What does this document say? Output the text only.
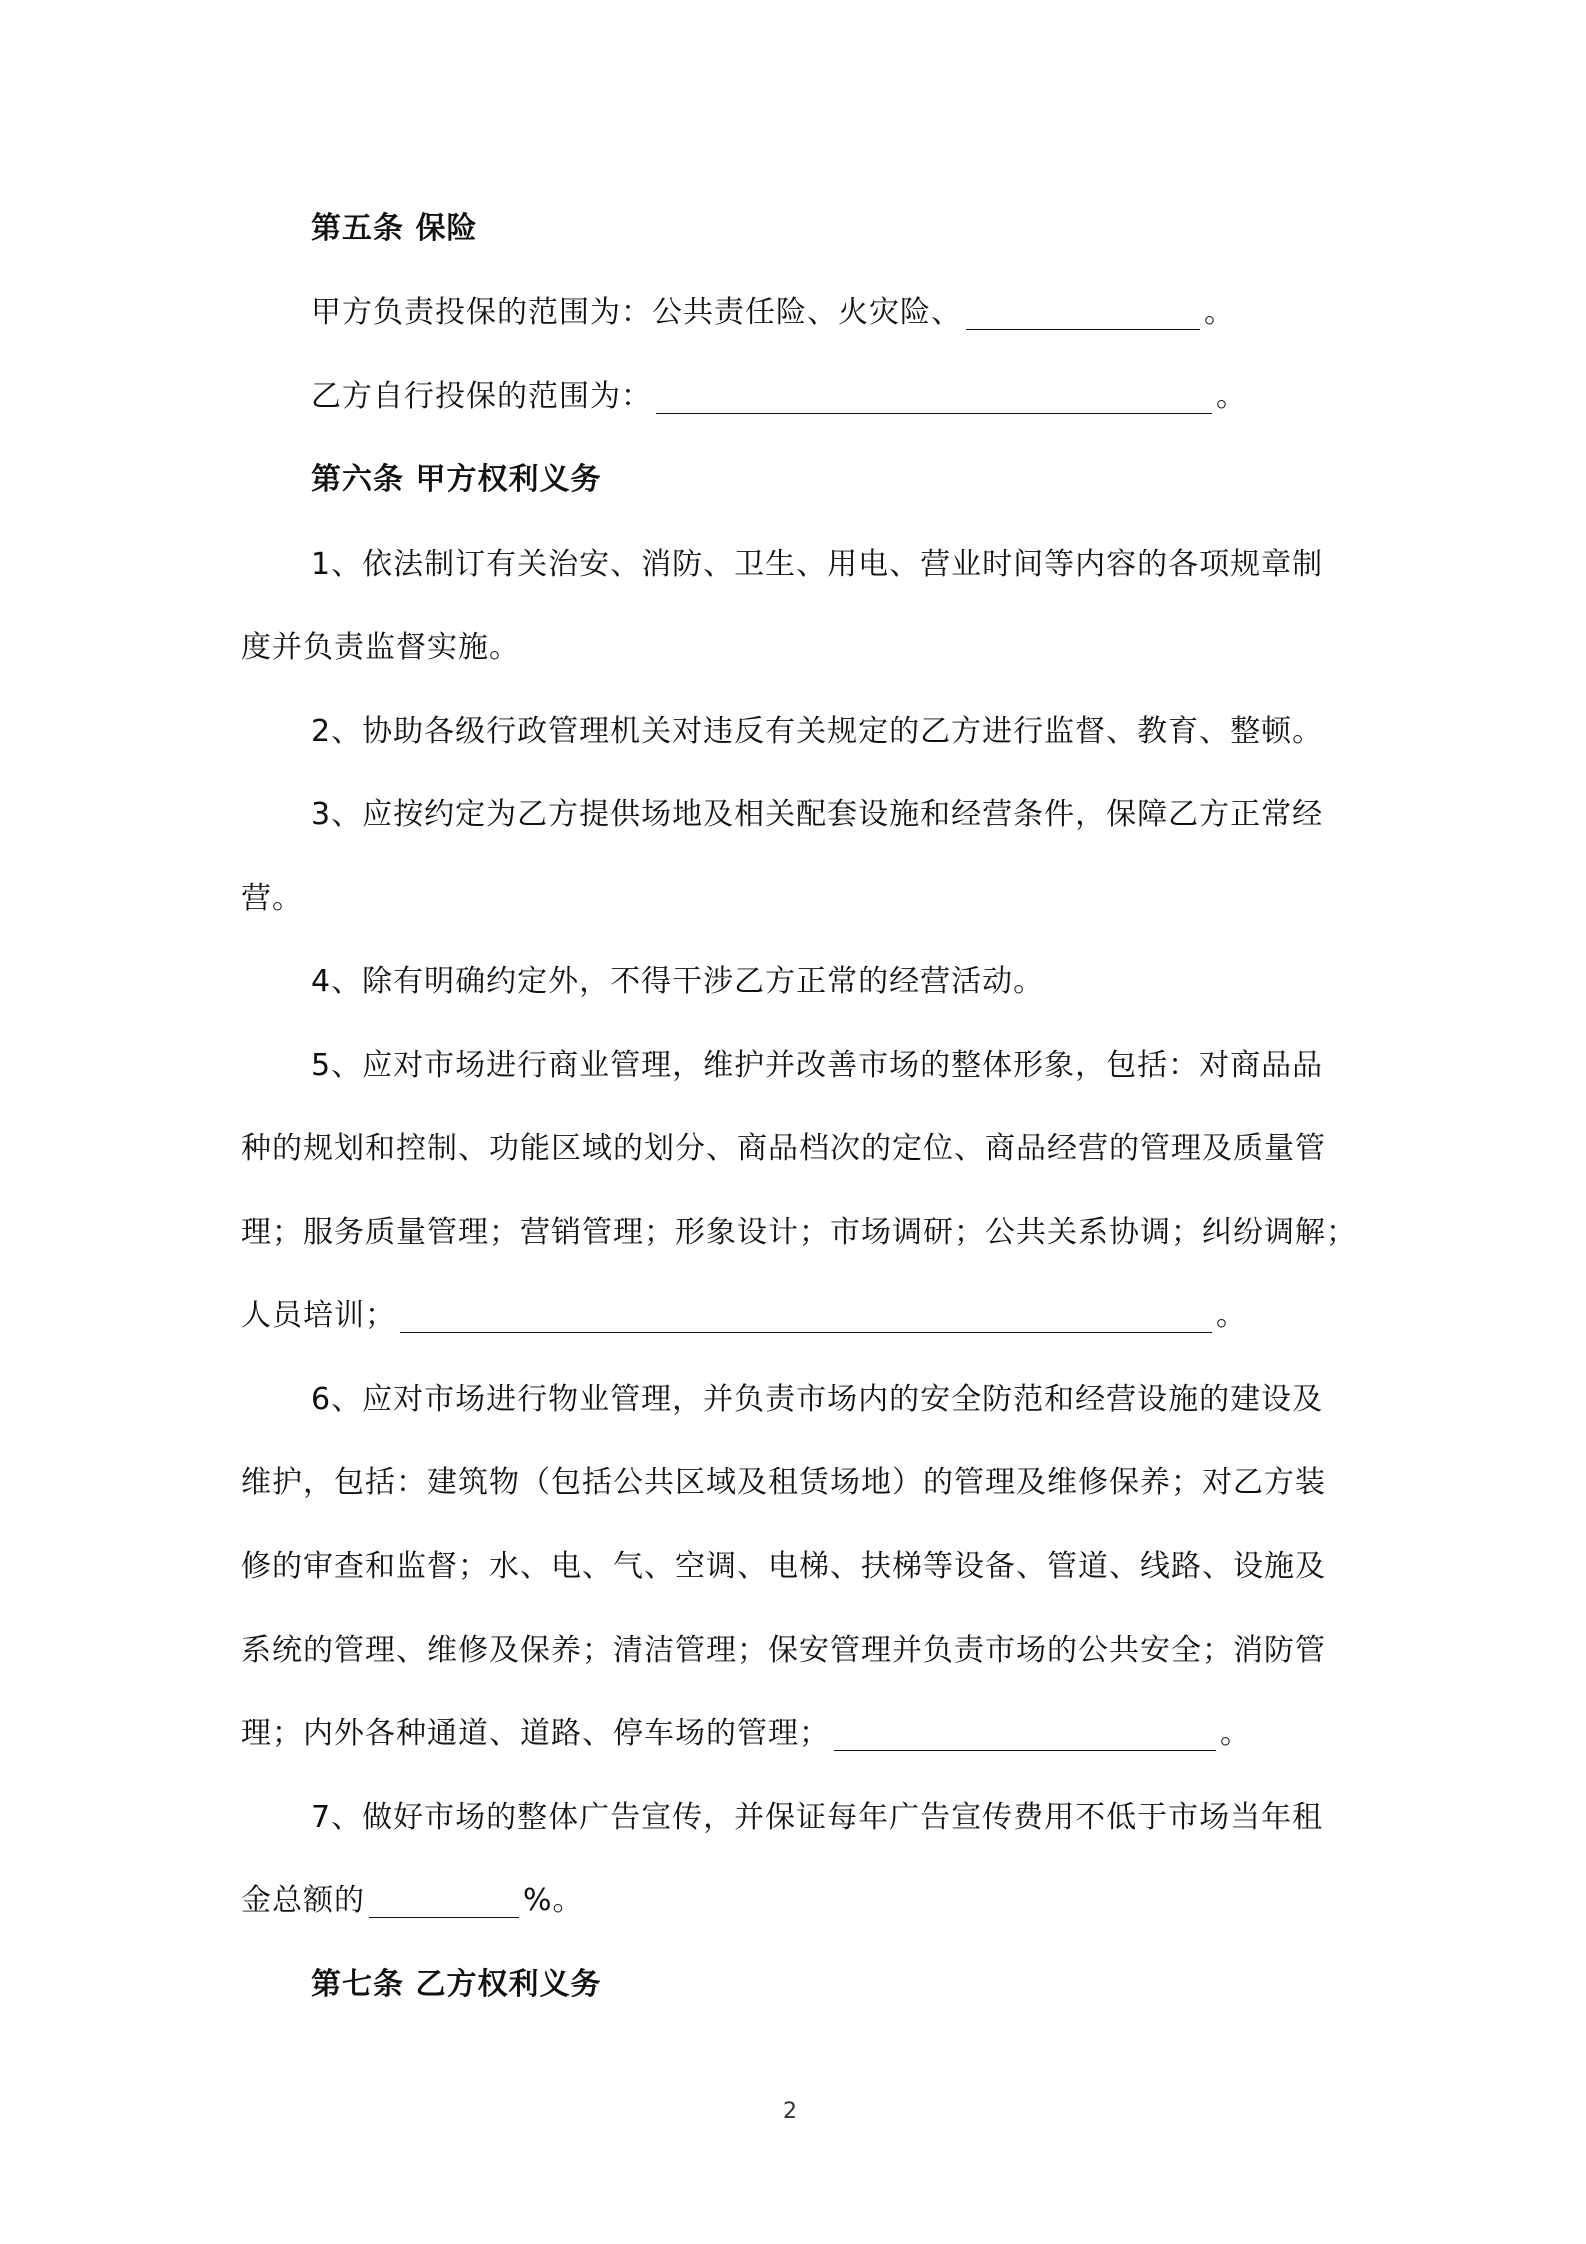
第五条 保险
甲方负责投保的范围为：公共责任险、火灾险、	。
乙方自行投保的范围为：	。
第六条 甲方权利义务
1、依法制订有关治安、消防、卫生、用电、营业时间等内容的各项规章制
度并负责监督实施。
2、协助各级行政管理机关对违反有关规定的乙方进行监督、教育、整顿。
3、应按约定为乙方提供场地及相关配套设施和经营条件，保障乙方正常经
营。
4、除有明确约定外，不得干涉乙方正常的经营活动。
5、应对市场进行商业管理，维护并改善市场的整体形象，包括：对商品品
种的规划和控制、功能区域的划分、商品档次的定位、商品经营的管理及质量管
理；服务质量管理；营销管理；形象设计；市场调研；公共关系协调；纠纷调解；
人员培训；	。
6、应对市场进行物业管理，并负责市场内的安全防范和经营设施的建设及
维护，包括：建筑物（包括公共区域及租赁场地）的管理及维修保养；对乙方装
修的审查和监督；水、电、气、空调、电梯、扶梯等设备、管道、线路、设施及
系统的管理、维修及保养；清洁管理；保安管理并负责市场的公共安全；消防管
理；内外各种通道、道路、停车场的管理；	。
7、做好市场的整体广告宣传，并保证每年广告宣传费用不低于市场当年租
金总额的	%。
第七条 乙方权利义务
2
